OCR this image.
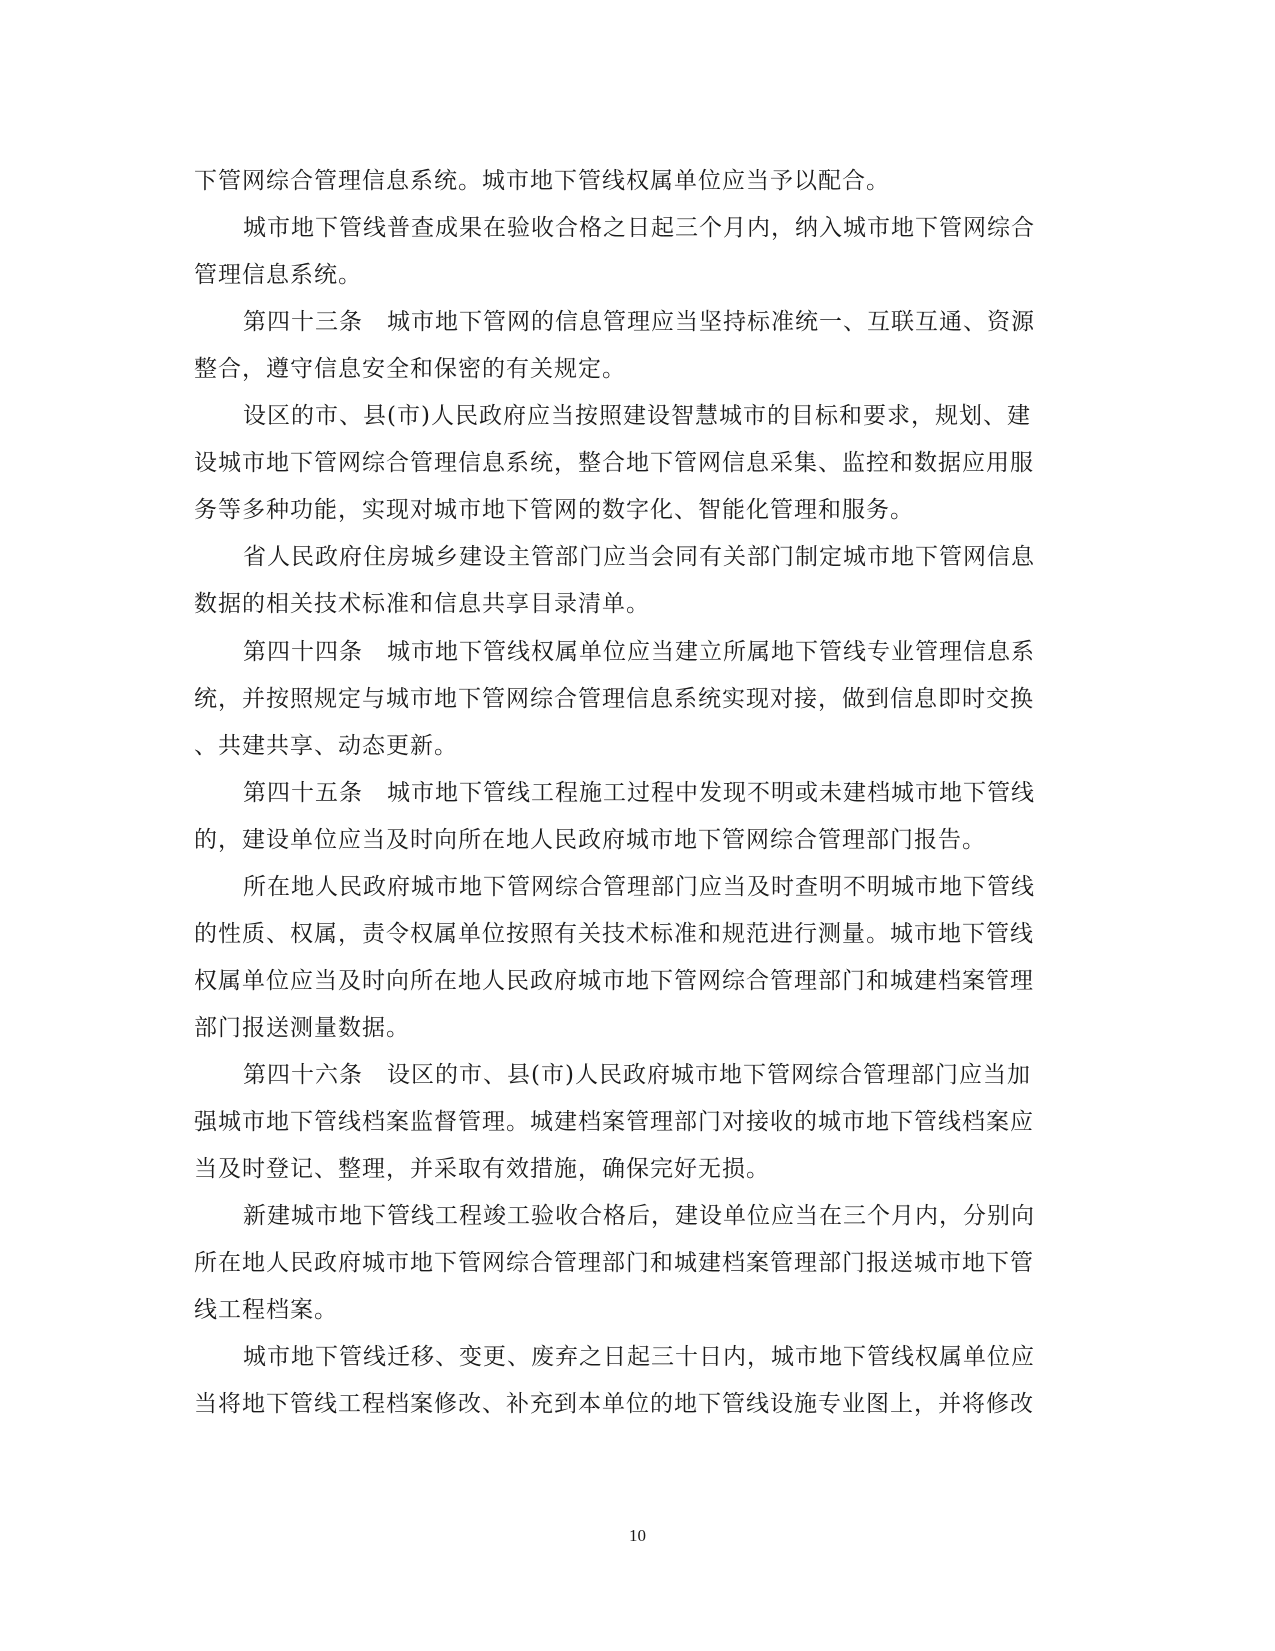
下管网综合管理信息系统。城市地下管线权属单位应当予以配合。
城市地下管线普查成果在验收合格之日起三个月内，纳入城市地下管网综合
管理信息系统。
第四十三条　城市地下管网的信息管理应当坚持标准统一、互联互通、资源
整合，遵守信息安全和保密的有关规定。
设区的市、县(市)人民政府应当按照建设智慧城市的目标和要求，规划、建
设城市地下管网综合管理信息系统，整合地下管网信息采集、监控和数据应用服
务等多种功能，实现对城市地下管网的数字化、智能化管理和服务。
省人民政府住房城乡建设主管部门应当会同有关部门制定城市地下管网信息
数据的相关技术标准和信息共享目录清单。
第四十四条　城市地下管线权属单位应当建立所属地下管线专业管理信息系
统，并按照规定与城市地下管网综合管理信息系统实现对接，做到信息即时交换
、共建共享、动态更新。
第四十五条　城市地下管线工程施工过程中发现不明或未建档城市地下管线
的，建设单位应当及时向所在地人民政府城市地下管网综合管理部门报告。
所在地人民政府城市地下管网综合管理部门应当及时查明不明城市地下管线
的性质、权属，责令权属单位按照有关技术标准和规范进行测量。城市地下管线
权属单位应当及时向所在地人民政府城市地下管网综合管理部门和城建档案管理
部门报送测量数据。
第四十六条　设区的市、县(市)人民政府城市地下管网综合管理部门应当加
强城市地下管线档案监督管理。城建档案管理部门对接收的城市地下管线档案应
当及时登记、整理，并采取有效措施，确保完好无损。
新建城市地下管线工程竣工验收合格后，建设单位应当在三个月内，分别向
所在地人民政府城市地下管网综合管理部门和城建档案管理部门报送城市地下管
线工程档案。
城市地下管线迁移、变更、废弃之日起三十日内，城市地下管线权属单位应
当将地下管线工程档案修改、补充到本单位的地下管线设施专业图上，并将修改
10
